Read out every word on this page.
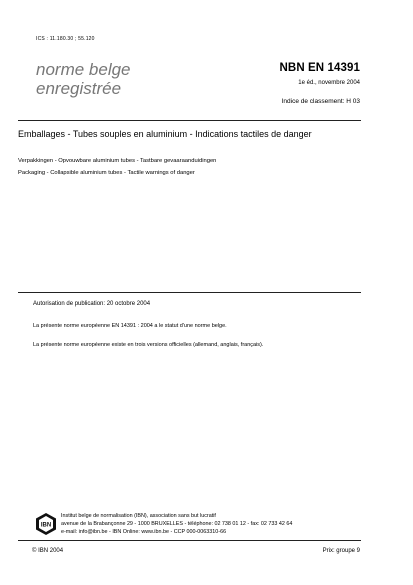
ICS : 11.180.30 ; 55.120
norme belge
enregistrée
NBN EN 14391
1e éd., novembre 2004
Indice de classement: H 03
Emballages - Tubes souples en aluminium - Indications tactiles de danger
Verpakkingen - Opvouwbare aluminium tubes - Tastbare gevaaraanduidingen
Packaging - Collapsible aluminium tubes - Tactile warnings of danger
Autorisation de publication: 20 octobre 2004
La présente norme européenne EN 14391 : 2004 a le statut d'une norme belge.
La présente norme européenne existe en trois versions officielles (allemand, anglais, français).
IBN
Institut belge de normalisation (IBN), association sans but lucratif
avenue de la Brabançonne 29 - 1000 BRUXELLES - téléphone: 02 738 01 12 - fax: 02 733 42 64
e-mail: info@ibn.be - IBN Online: www.ibn.be - CCP 000-0063310-66
© IBN 2004	Prix: groupe 9
